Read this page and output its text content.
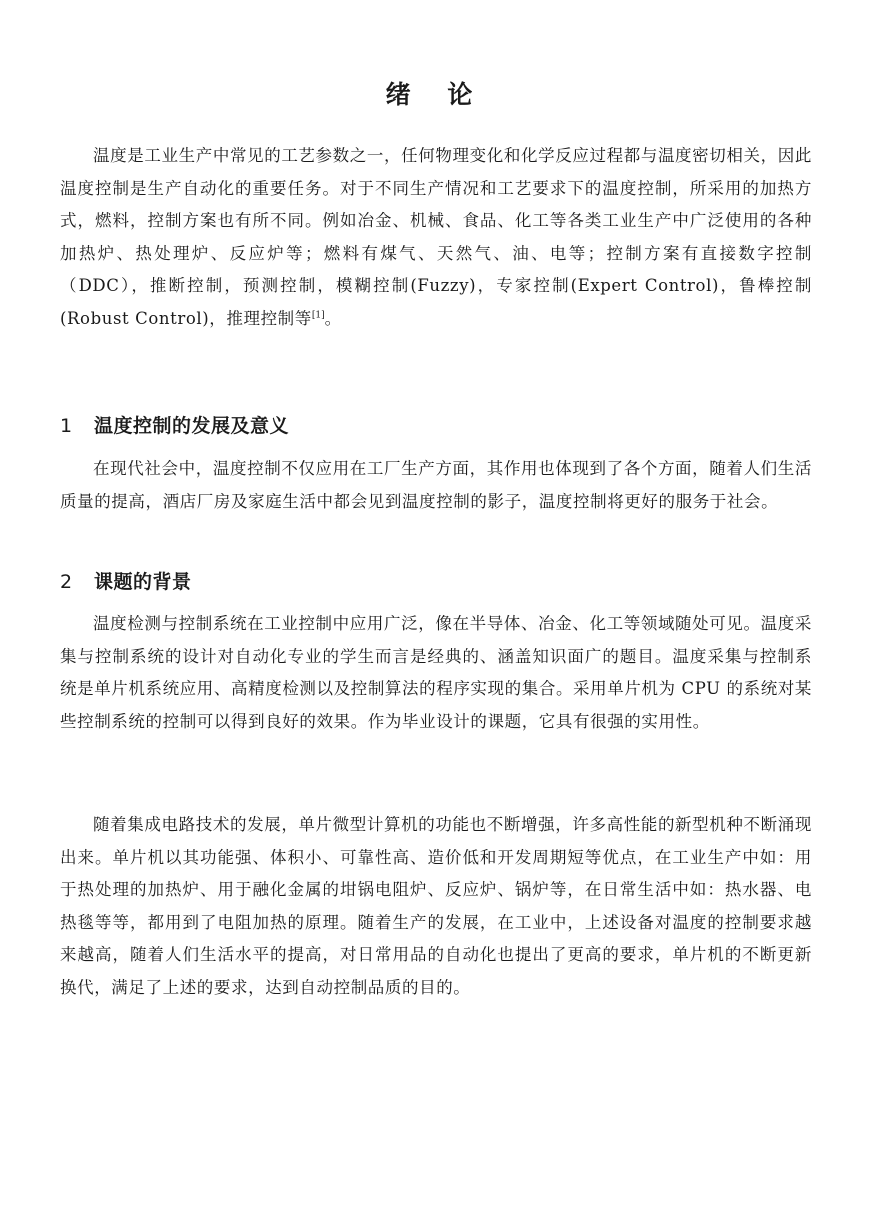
绪 论

温度是工业生产中常见的工艺参数之一，任何物理变化和化学反应过程都与温度密切相关，因此温度控制是生产自动化的重要任务。对于不同生产情况和工艺要求下的温度控制，所采用的加热方式，燃料，控制方案也有所不同。例如冶金、机械、食品、化工等各类工业生产中广泛使用的各种加热炉、热处理炉、反应炉等；燃料有煤气、天然气、油、电等；控制方案有直接数字控制（DDC），推断控制，预测控制，模糊控制(Fuzzy)，专家控制(Expert Control)，鲁棒控制(Robust Control)，推理控制等[1]。

1 温度控制的发展及意义

在现代社会中，温度控制不仅应用在工厂生产方面，其作用也体现到了各个方面，随着人们生活质量的提高，酒店厂房及家庭生活中都会见到温度控制的影子，温度控制将更好的服务于社会。

2 课题的背景

温度检测与控制系统在工业控制中应用广泛，像在半导体、冶金、化工等领域随处可见。温度采集与控制系统的设计对自动化专业的学生而言是经典的、涵盖知识面广的题目。温度采集与控制系统是单片机系统应用、高精度检测以及控制算法的程序实现的集合。采用单片机为 CPU 的系统对某些控制系统的控制可以得到良好的效果。作为毕业设计的课题，它具有很强的实用性。

随着集成电路技术的发展，单片微型计算机的功能也不断增强，许多高性能的新型机种不断涌现出来。单片机以其功能强、体积小、可靠性高、造价低和开发周期短等优点，在工业生产中如：用于热处理的加热炉、用于融化金属的坩锅电阻炉、反应炉、锅炉等，在日常生活中如：热水器、电热毯等等，都用到了电阻加热的原理。随着生产的发展，在工业中，上述设备对温度的控制要求越来越高，随着人们生活水平的提高，对日常用品的自动化也提出了更高的要求，单片机的不断更新换代，满足了上述的要求，达到自动控制品质的目的。
